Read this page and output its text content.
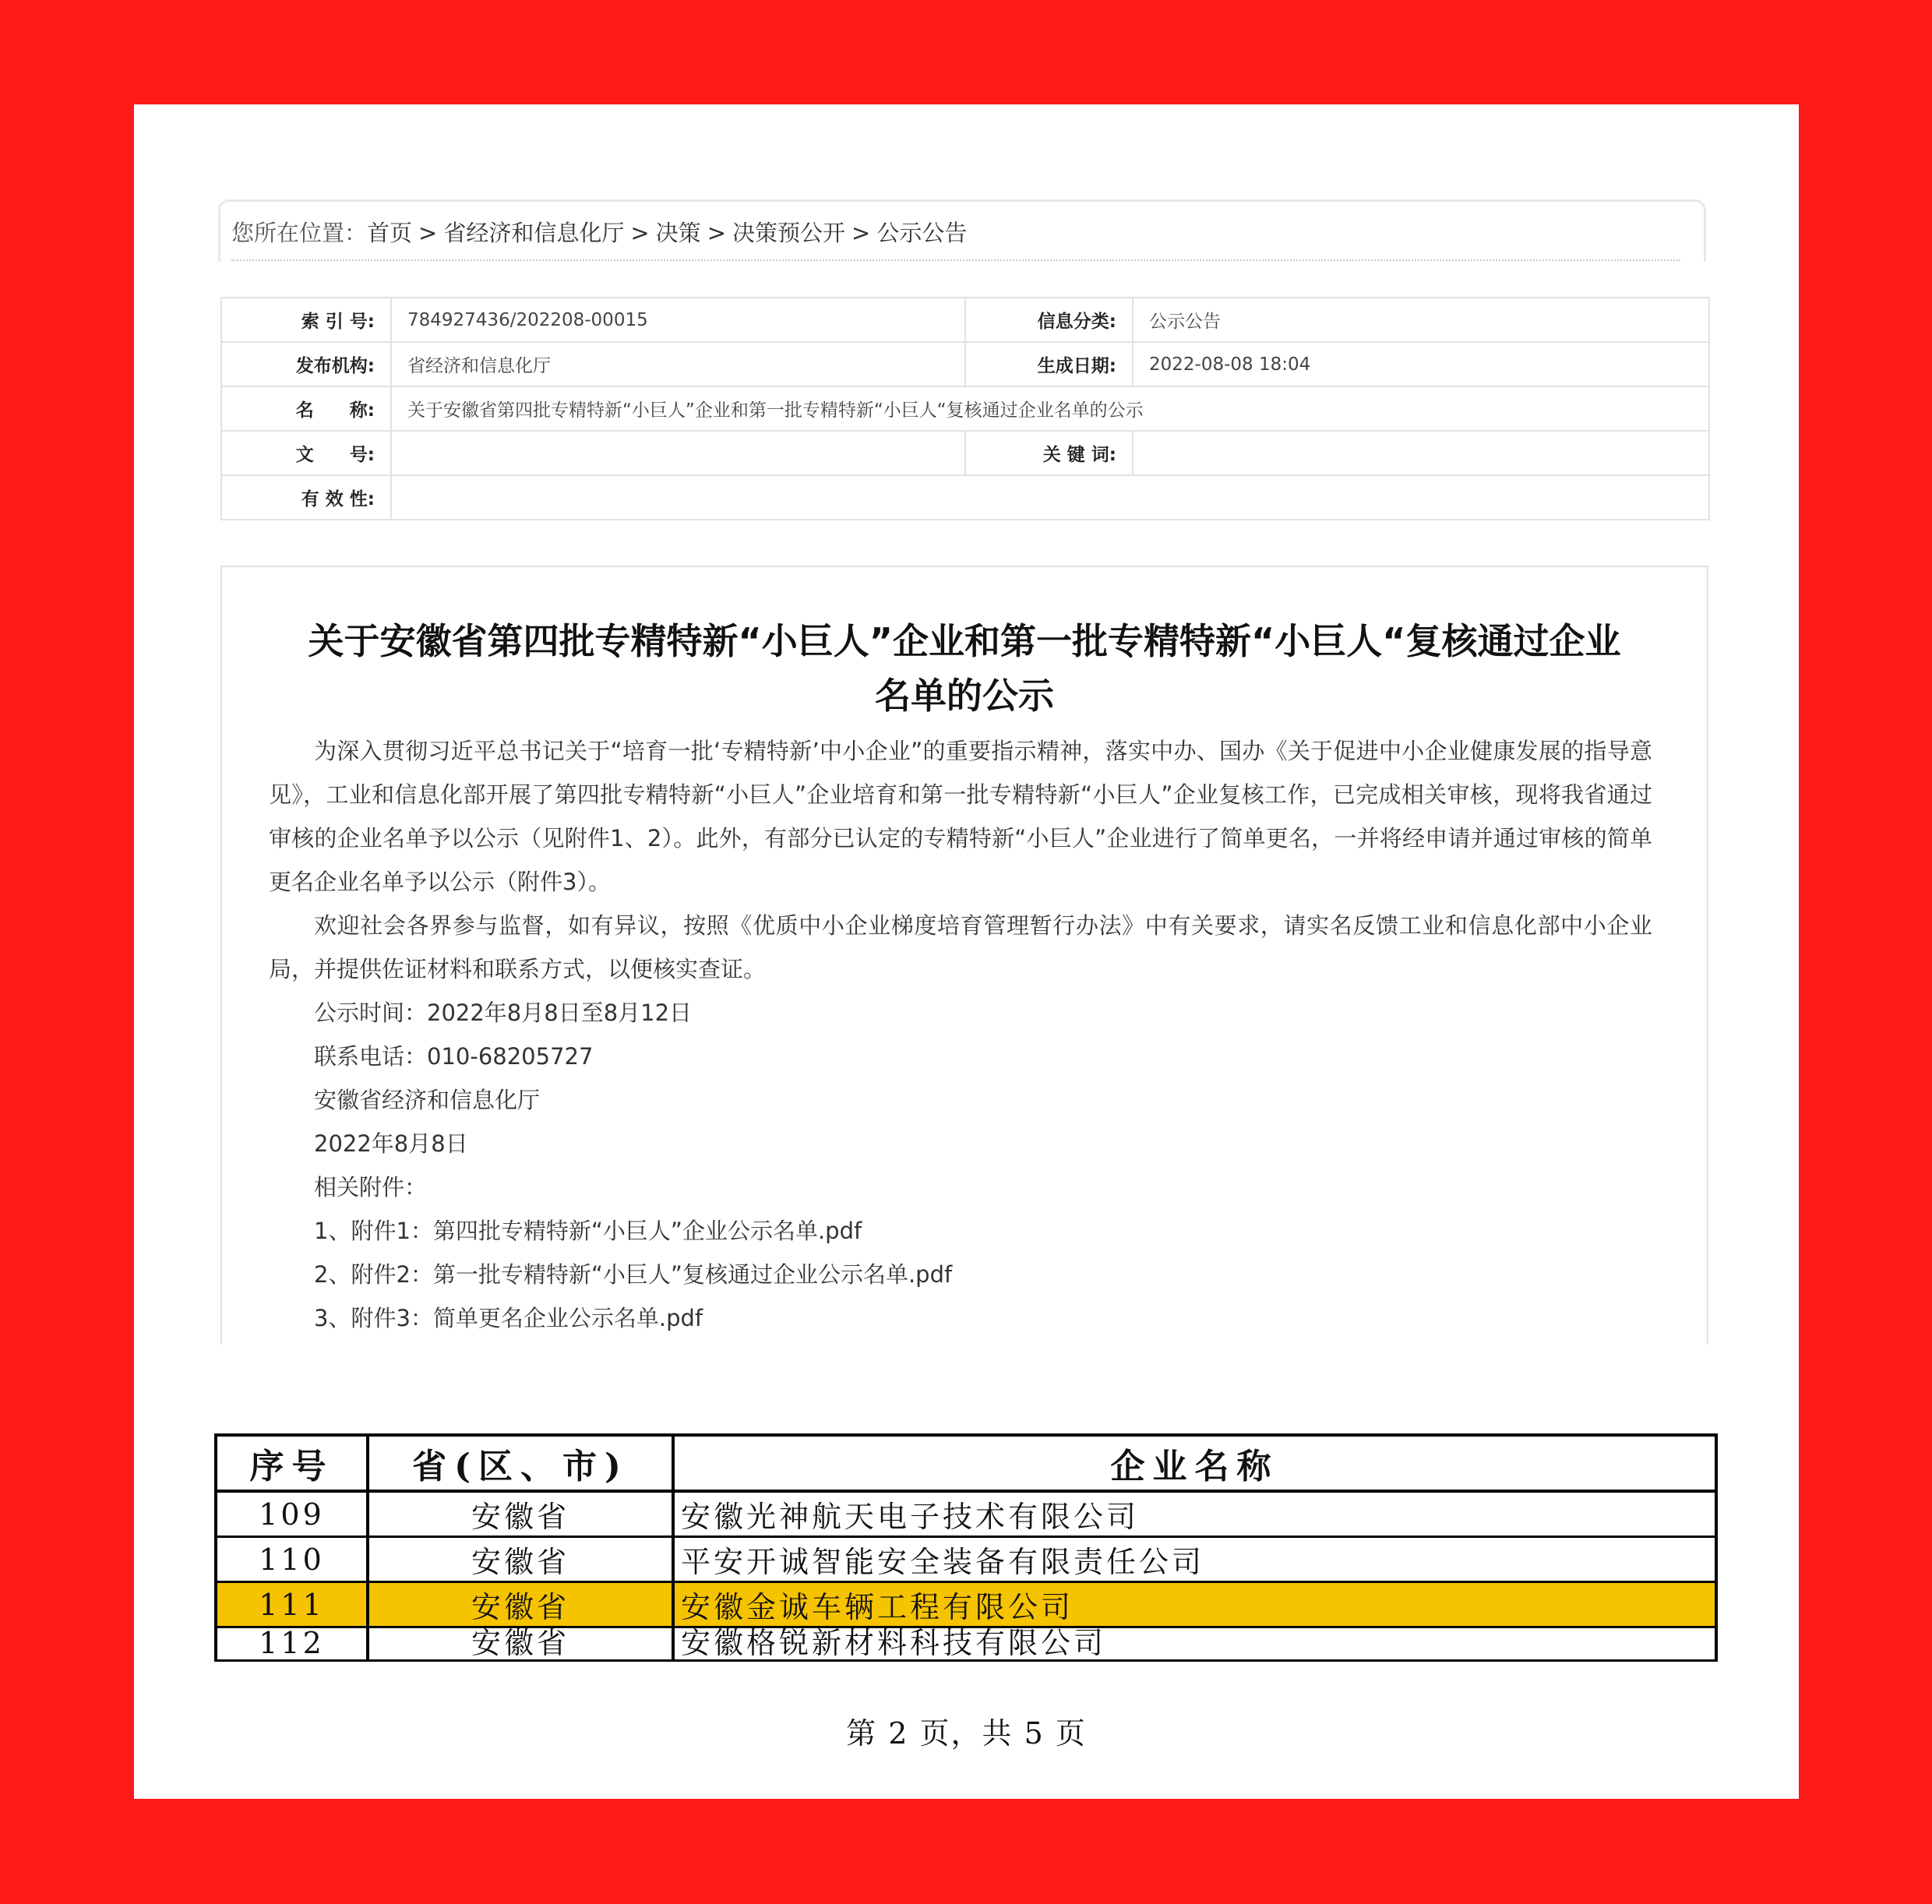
您所在位置：首页 > 省经济和信息化厅 > 决策 > 决策预公开 > 公示公告
索 引 号:	784927436/202208-00015	信息分类:	公示公告
发布机构:	省经济和信息化厅	生成日期:	2022-08-08 18:04
名　　称:	关于安徽省第四批专精特新“小巨人”企业和第一批专精特新“小巨人“复核通过企业名单的公示		
文　　号:		关 键 词:	
有 效 性:			
关于安徽省第四批专精特新“小巨人”企业和第一批专精特新“小巨人“复核通过企业名单的公示

为深入贯彻习近平总书记关于“培育一批‘专精特新’中小企业”的重要指示精神，落实中办、国办《关于促进中小企业健康发展的指导意见》，工业和信息化部开展了第四批专精特新“小巨人”企业培育和第一批专精特新“小巨人”企业复核工作，已完成相关审核，现将我省通过审核的企业名单予以公示（见附件1、2）。此外，有部分已认定的专精特新“小巨人”企业进行了简单更名，一并将经申请并通过审核的简单更名企业名单予以公示（附件3）。

欢迎社会各界参与监督，如有异议，按照《优质中小企业梯度培育管理暂行办法》中有关要求，请实名反馈工业和信息化部中小企业局，并提供佐证材料和联系方式，以便核实查证。

公示时间：2022年8月8日至8月12日
联系电话：010-68205727
安徽省经济和信息化厅
2022年8月8日
相关附件：
1、附件1：第四批专精特新“小巨人”企业公示名单.pdf
2、附件2：第一批专精特新“小巨人”复核通过企业公示名单.pdf
3、附件3：简单更名企业公示名单.pdf
序号	省(区、市)	企业名称
109	安徽省	安徽光神航天电子技术有限公司
110	安徽省	平安开诚智能安全装备有限责任公司
111	安徽省	安徽金诚车辆工程有限公司
112	安徽省	安徽格锐新材料科技有限公司
第 2 页，共 5 页
